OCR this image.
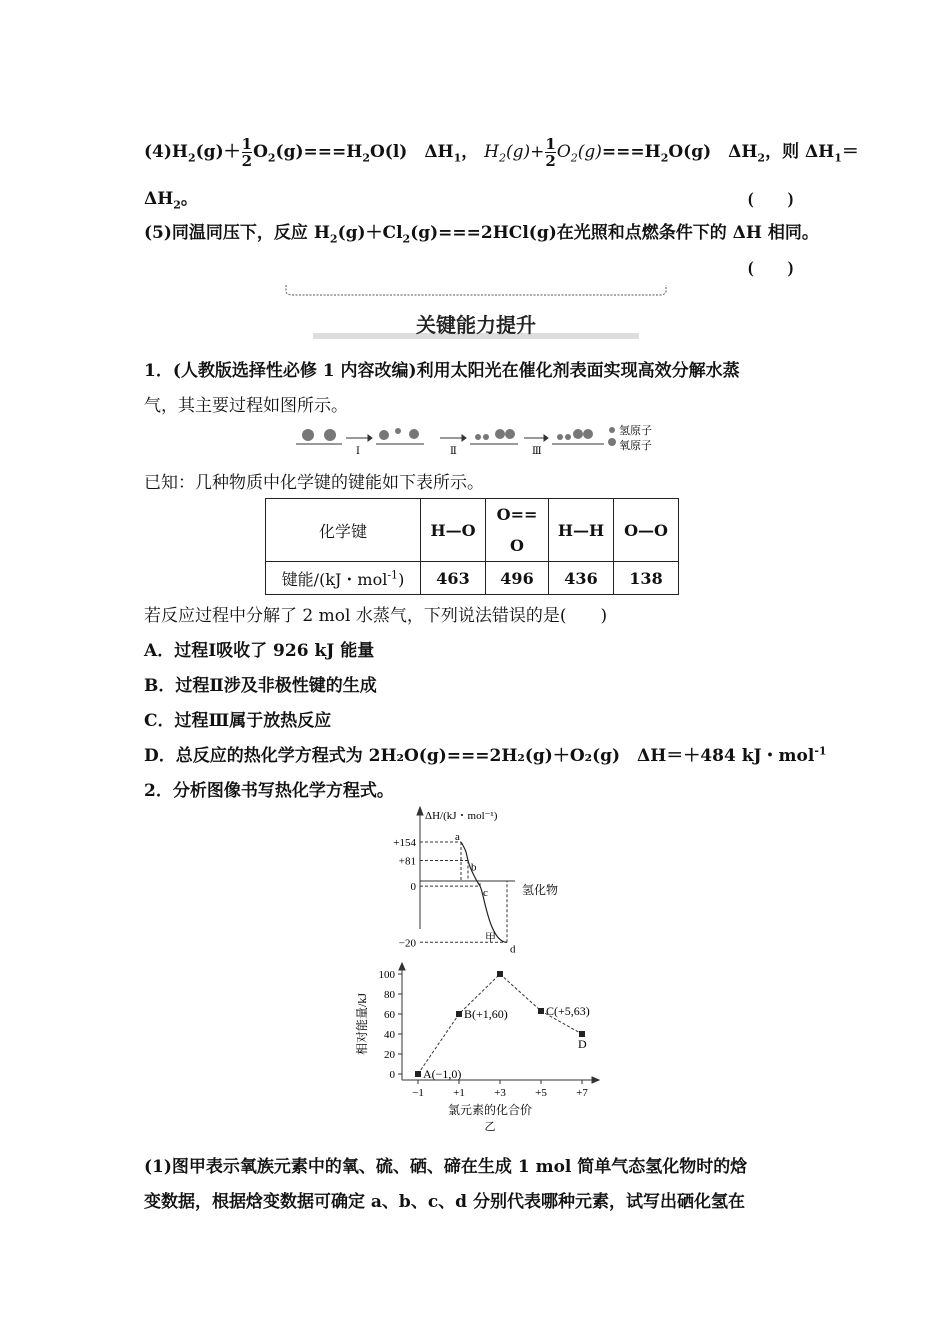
$(4)H_2(g)+ \frac{1}{2} O_2(g)===H_2O(l)$　$\Delta H_1$， $H_2(g)+ \frac{1}{2} O_2(g)===H_2O(g)$　$\Delta H_2$，则 $\Delta H_1=$
$\Delta H_2$。	(　　)
(5)同温同压下，反应 $H_2(g)+Cl_2(g)===2HCl(g)$在光照和点燃条件下的 ΔH 相同。
(　　)
关键能力提升
1．(人教版选择性必修 1 内容改编)利用太阳光在催化剂表面实现高效分解水蒸
气，其主要过程如图所示。
Ⅰ	Ⅱ	Ⅲ
氢原子
氧原子
已知：几种物质中化学键的键能如下表所示。
化学键	H—O	O==O	H—H	O—O
键能/(kJ・mol$^{-1}$)	463	496	436	138
若反应过程中分解了 2 mol 水蒸气，下列说法错误的是(　　)
A．过程Ⅰ吸收了 926 kJ 能量
B．过程Ⅱ涉及非极性键的生成
C．过程Ⅲ属于放热反应
D．总反应的热化学方程式为 2H₂O(g)===2H₂(g)＋O₂(g)　ΔH＝＋484 kJ・mol$^{-1}$
2．分析图像书写热化学方程式。
ΔH/(kJ・mol⁻¹)
氢化物
甲
+154
+81
0
−20
a
b
c
d
相对能量/kJ
氯元素的化合价
乙
−1	+1	+3	+5	+7
0
20
40
60
80
100
A(−1,0)
B(+1,60)	C(+5,63)
D
(1)图甲表示氧族元素中的氧、硫、硒、碲在生成 1 mol 简单气态氢化物时的焓
变数据，根据焓变数据可确定 a、b、c、d 分别代表哪种元素，试写出硒化氢在
